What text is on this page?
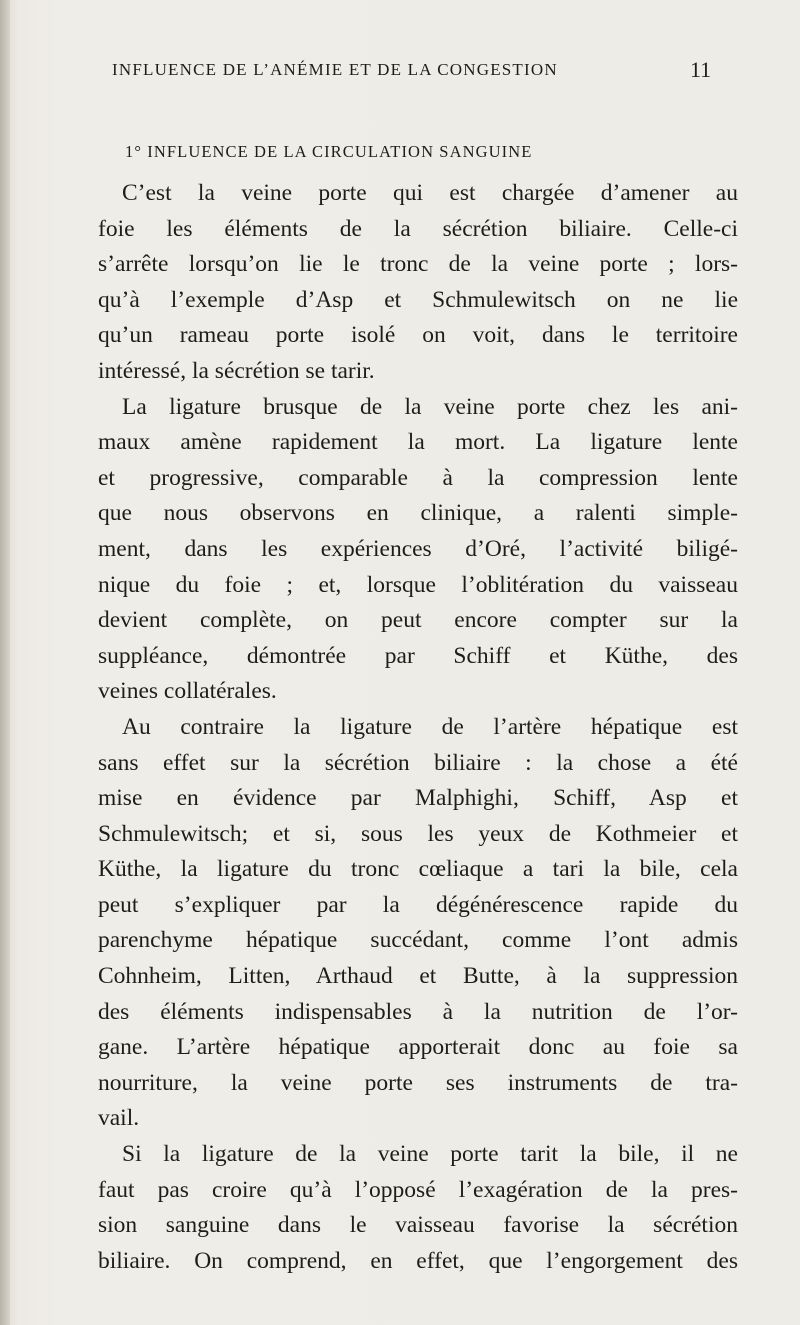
INFLUENCE DE L’ANÉMIE ET DE LA CONGESTION	11
1° INFLUENCE DE LA CIRCULATION SANGUINE
C’est la veine porte qui est chargée d’amener au
foie les éléments de la sécrétion biliaire. Celle-ci
s’arrête lorsqu’on lie le tronc de la veine porte ; lors-
qu’à l’exemple d’Asp et Schmulewitsch on ne lie
qu’un rameau porte isolé on voit, dans le territoire
intéressé, la sécrétion se tarir.
La ligature brusque de la veine porte chez les ani-
maux amène rapidement la mort. La ligature lente
et progressive, comparable à la compression lente
que nous observons en clinique, a ralenti simple-
ment, dans les expériences d’Oré, l’activité biligé-
nique du foie ; et, lorsque l’oblitération du vaisseau
devient complète, on peut encore compter sur la
suppléance, démontrée par Schiff et Küthe, des
veines collatérales.
Au contraire la ligature de l’artère hépatique est
sans effet sur la sécrétion biliaire : la chose a été
mise en évidence par Malphighi, Schiff, Asp et
Schmulewitsch; et si, sous les yeux de Kothmeier et
Küthe, la ligature du tronc cœliaque a tari la bile, cela
peut s’expliquer par la dégénérescence rapide du
parenchyme hépatique succédant, comme l’ont admis
Cohnheim, Litten, Arthaud et Butte, à la suppression
des éléments indispensables à la nutrition de l’or-
gane. L’artère hépatique apporterait donc au foie sa
nourriture, la veine porte ses instruments de tra-
vail.
Si la ligature de la veine porte tarit la bile, il ne
faut pas croire qu’à l’opposé l’exagération de la pres-
sion sanguine dans le vaisseau favorise la sécrétion
biliaire. On comprend, en effet, que l’engorgement des
